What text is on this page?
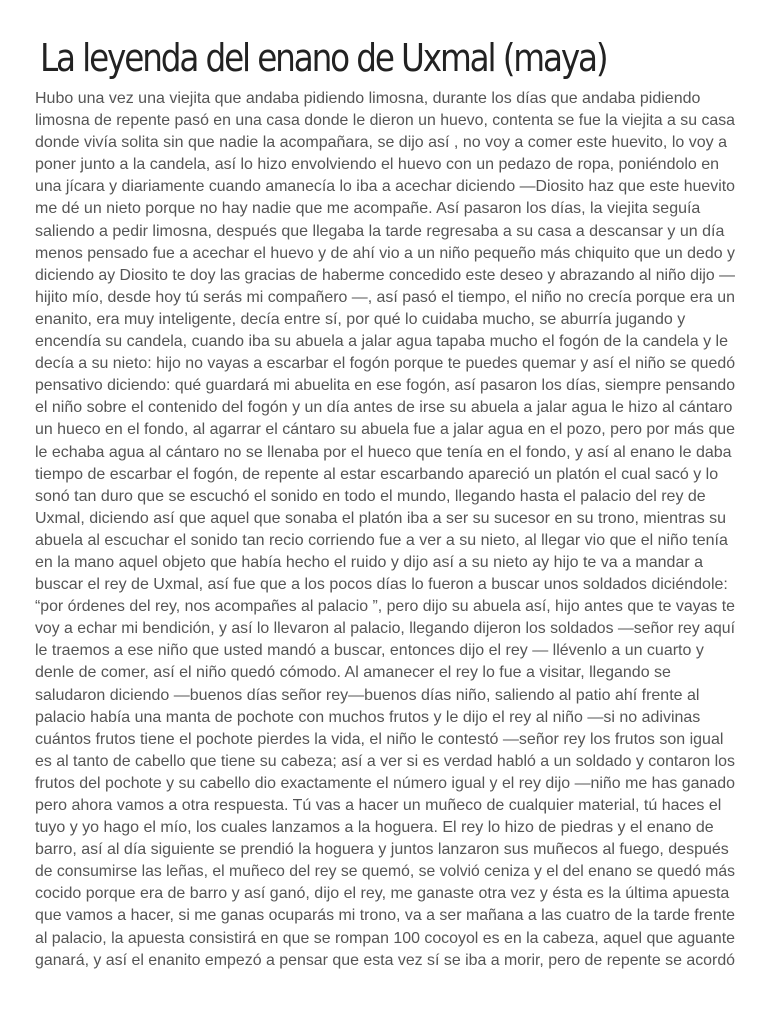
La leyenda del enano de Uxmal (maya)
Hubo una vez una viejita que andaba pidiendo limosna, durante los días que andaba pidiendo
limosna de repente pasó en una casa donde le dieron un huevo, contenta se fue la viejita a su casa
donde vivía solita sin que nadie la acompañara, se dijo así , no voy a comer este huevito, lo voy a
poner junto a la candela, así lo hizo envolviendo el huevo con un pedazo de ropa, poniéndolo en
una jícara y diariamente cuando amanecía lo iba a acechar diciendo —Diosito haz que este huevito
me dé un nieto porque no hay nadie que me acompañe. Así pasaron los días, la viejita seguía
saliendo a pedir limosna, después que llegaba la tarde regresaba a su casa a descansar y un día
menos pensado fue a acechar el huevo y de ahí vio a un niño pequeño más chiquito que un dedo y
diciendo ay Diosito te doy las gracias de haberme concedido este deseo y abrazando al niño dijo —
hijito mío, desde hoy tú serás mi compañero —, así pasó el tiempo, el niño no crecía porque era un
enanito, era muy inteligente, decía entre sí, por qué lo cuidaba mucho, se aburría jugando y
encendía su candela, cuando iba su abuela a jalar agua tapaba mucho el fogón de la candela y le
decía a su nieto: hijo no vayas a escarbar el fogón porque te puedes quemar y así el niño se quedó
pensativo diciendo: qué guardará mi abuelita en ese fogón, así pasaron los días, siempre pensando
el niño sobre el contenido del fogón y un día antes de irse su abuela a jalar agua le hizo al cántaro
un hueco en el fondo, al agarrar el cántaro su abuela fue a jalar agua en el pozo, pero por más que
le echaba agua al cántaro no se llenaba por el hueco que tenía en el fondo, y así al enano le daba
tiempo de escarbar el fogón, de repente al estar escarbando apareció un platón el cual sacó y lo
sonó tan duro que se escuchó el sonido en todo el mundo, llegando hasta el palacio del rey de
Uxmal, diciendo así que aquel que sonaba el platón iba a ser su sucesor en su trono, mientras su
abuela al escuchar el sonido tan recio corriendo fue a ver a su nieto, al llegar vio que el niño tenía
en la mano aquel objeto que había hecho el ruido y dijo así a su nieto ay hijo te va a mandar a
buscar el rey de Uxmal, así fue que a los pocos días lo fueron a buscar unos soldados diciéndole:
“por órdenes del rey, nos acompañes al palacio ”, pero dijo su abuela así, hijo antes que te vayas te
voy a echar mi bendición, y así lo llevaron al palacio, llegando dijeron los soldados —señor rey aquí
le traemos a ese niño que usted mandó a buscar, entonces dijo el rey — llévenlo a un cuarto y
denle de comer, así el niño quedó cómodo. Al amanecer el rey lo fue a visitar, llegando se
saludaron diciendo —buenos días señor rey—buenos días niño, saliendo al patio ahí frente al
palacio había una manta de pochote con muchos frutos y le dijo el rey al niño —si no adivinas
cuántos frutos tiene el pochote pierdes la vida, el niño le contestó —señor rey los frutos son igual
es al tanto de cabello que tiene su cabeza; así a ver si es verdad habló a un soldado y contaron los
frutos del pochote y su cabello dio exactamente el número igual y el rey dijo —niño me has ganado
pero ahora vamos a otra respuesta. Tú vas a hacer un muñeco de cualquier material, tú haces el
tuyo y yo hago el mío, los cuales lanzamos a la hoguera. El rey lo hizo de piedras y el enano de
barro, así al día siguiente se prendió la hoguera y juntos lanzaron sus muñecos al fuego, después
de consumirse las leñas, el muñeco del rey se quemó, se volvió ceniza y el del enano se quedó más
cocido porque era de barro y así ganó, dijo el rey, me ganaste otra vez y ésta es la última apuesta
que vamos a hacer, si me ganas ocuparás mi trono, va a ser mañana a las cuatro de la tarde frente
al palacio, la apuesta consistirá en que se rompan 100 cocoyol es en la cabeza, aquel que aguante
ganará, y así el enanito empezó a pensar que esta vez sí se iba a morir, pero de repente se acordó
